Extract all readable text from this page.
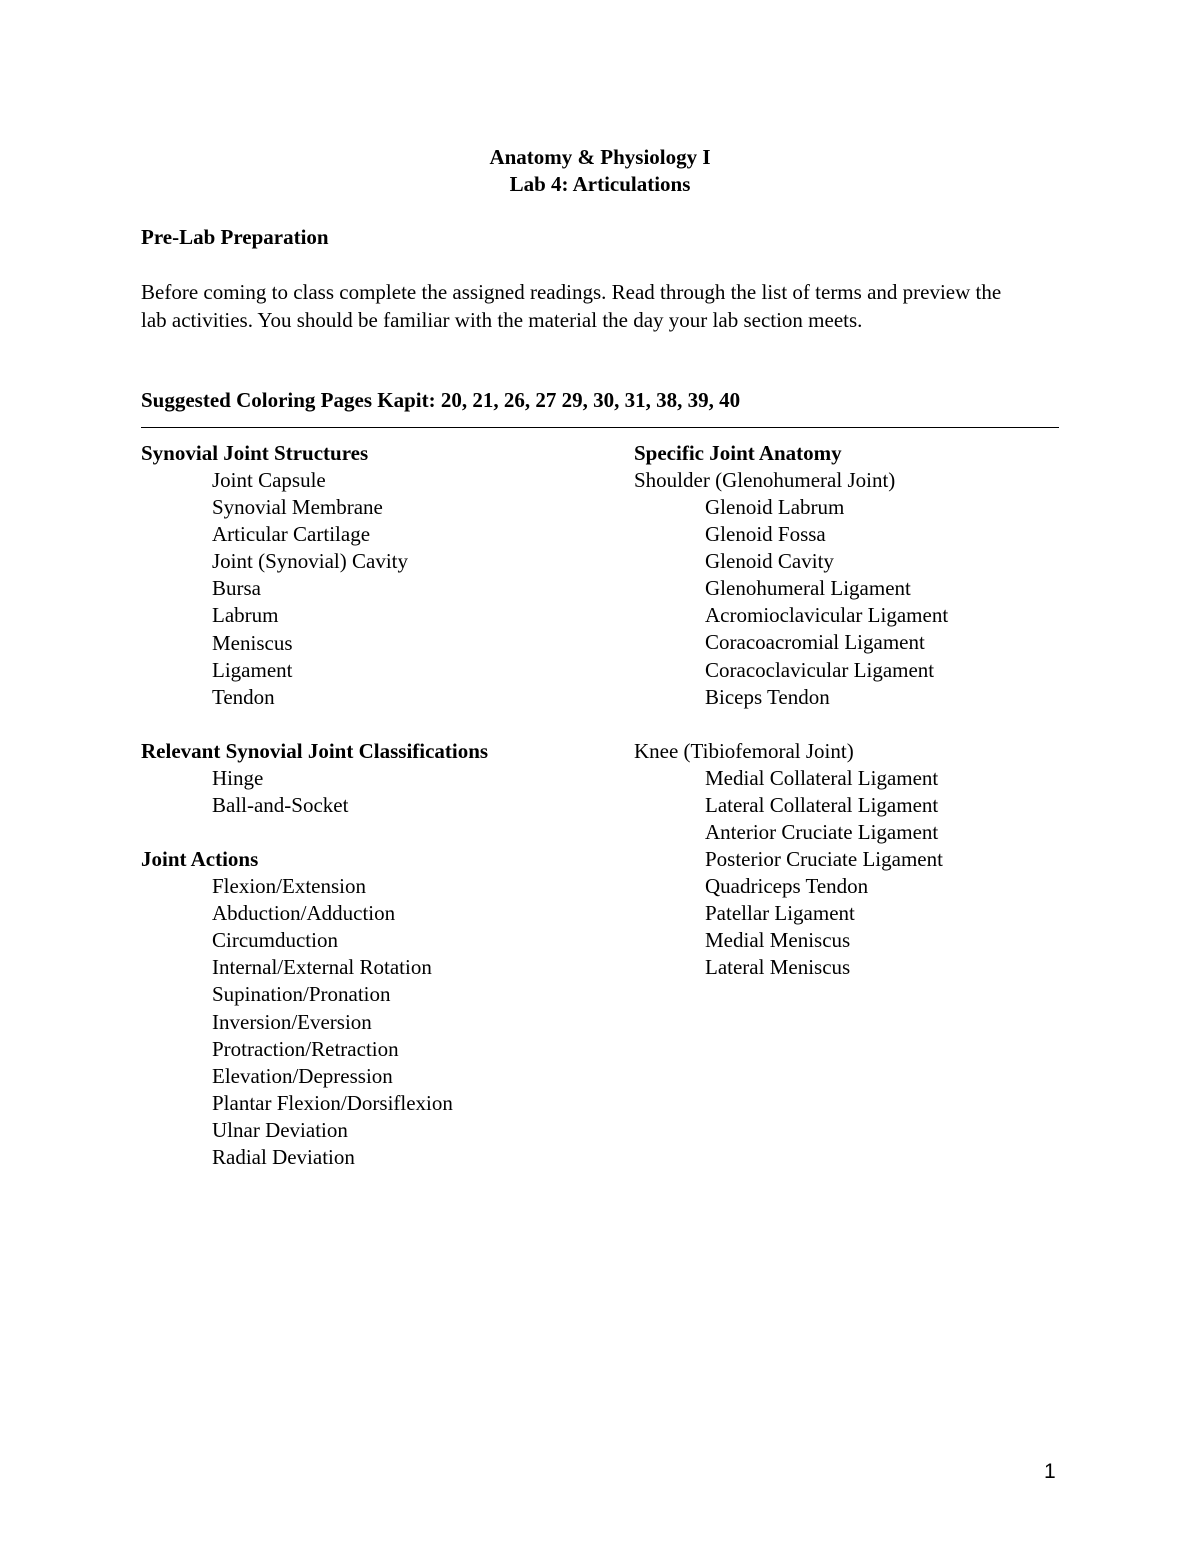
Anatomy & Physiology I
Lab 4: Articulations
Pre-Lab Preparation
Before coming to class complete the assigned readings. Read through the list of terms and preview the lab activities. You should be familiar with the material the day your lab section meets.
Suggested Coloring Pages Kapit: 20, 21, 26, 27 29, 30, 31, 38, 39, 40
Synovial Joint Structures
Joint Capsule
Synovial Membrane
Articular Cartilage
Joint (Synovial) Cavity
Bursa
Labrum
Meniscus
Ligament
Tendon
Relevant Synovial Joint Classifications
Hinge
Ball-and-Socket
Joint Actions
Flexion/Extension
Abduction/Adduction
Circumduction
Internal/External Rotation
Supination/Pronation
Inversion/Eversion
Protraction/Retraction
Elevation/Depression
Plantar Flexion/Dorsiflexion
Ulnar Deviation
Radial Deviation
Specific Joint Anatomy
Shoulder (Glenohumeral Joint)
Glenoid Labrum
Glenoid Fossa
Glenoid Cavity
Glenohumeral Ligament
Acromioclavicular Ligament
Coracoacromial Ligament
Coracoclavicular Ligament
Biceps Tendon
Knee (Tibiofemoral Joint)
Medial Collateral Ligament
Lateral Collateral Ligament
Anterior Cruciate Ligament
Posterior Cruciate Ligament
Quadriceps Tendon
Patellar Ligament
Medial Meniscus
Lateral Meniscus
1
